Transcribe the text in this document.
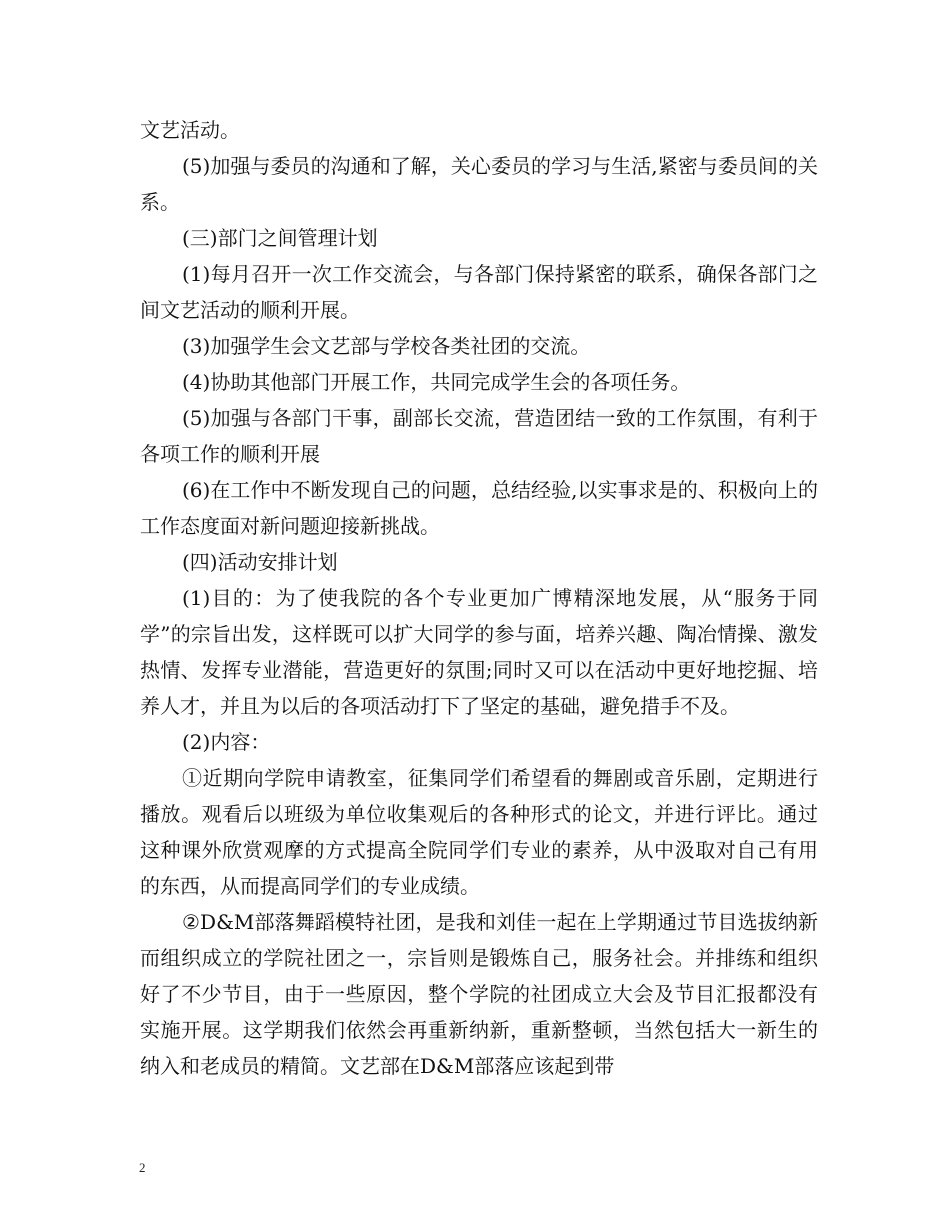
文艺活动。

(5)加强与委员的沟通和了解，关心委员的学习与生活,紧密与委员间的关系。

(三)部门之间管理计划

(1)每月召开一次工作交流会，与各部门保持紧密的联系，确保各部门之间文艺活动的顺利开展。

(3)加强学生会文艺部与学校各类社团的交流。

(4)协助其他部门开展工作，共同完成学生会的各项任务。

(5)加强与各部门干事，副部长交流，营造团结一致的工作氛围，有利于各项工作的顺利开展

(6)在工作中不断发现自己的问题，总结经验,以实事求是的、积极向上的工作态度面对新问题迎接新挑战。

(四)活动安排计划

(1)目的：为了使我院的各个专业更加广博精深地发展，从“服务于同学”的宗旨出发，这样既可以扩大同学的参与面，培养兴趣、陶冶情操、激发热情、发挥专业潜能，营造更好的氛围;同时又可以在活动中更好地挖掘、培养人才，并且为以后的各项活动打下了坚定的基础，避免措手不及。

(2)内容：

①近期向学院申请教室，征集同学们希望看的舞剧或音乐剧，定期进行播放。观看后以班级为单位收集观后的各种形式的论文，并进行评比。通过这种课外欣赏观摩的方式提高全院同学们专业的素养，从中汲取对自己有用的东西，从而提高同学们的专业成绩。

②D&M部落舞蹈模特社团，是我和刘佳一起在上学期通过节目选拔纳新而组织成立的学院社团之一，宗旨则是锻炼自己，服务社会。并排练和组织好了不少节目，由于一些原因，整个学院的社团成立大会及节目汇报都没有实施开展。这学期我们依然会再重新纳新，重新整顿，当然包括大一新生的纳入和老成员的精简。文艺部在D&M部落应该起到带

2
